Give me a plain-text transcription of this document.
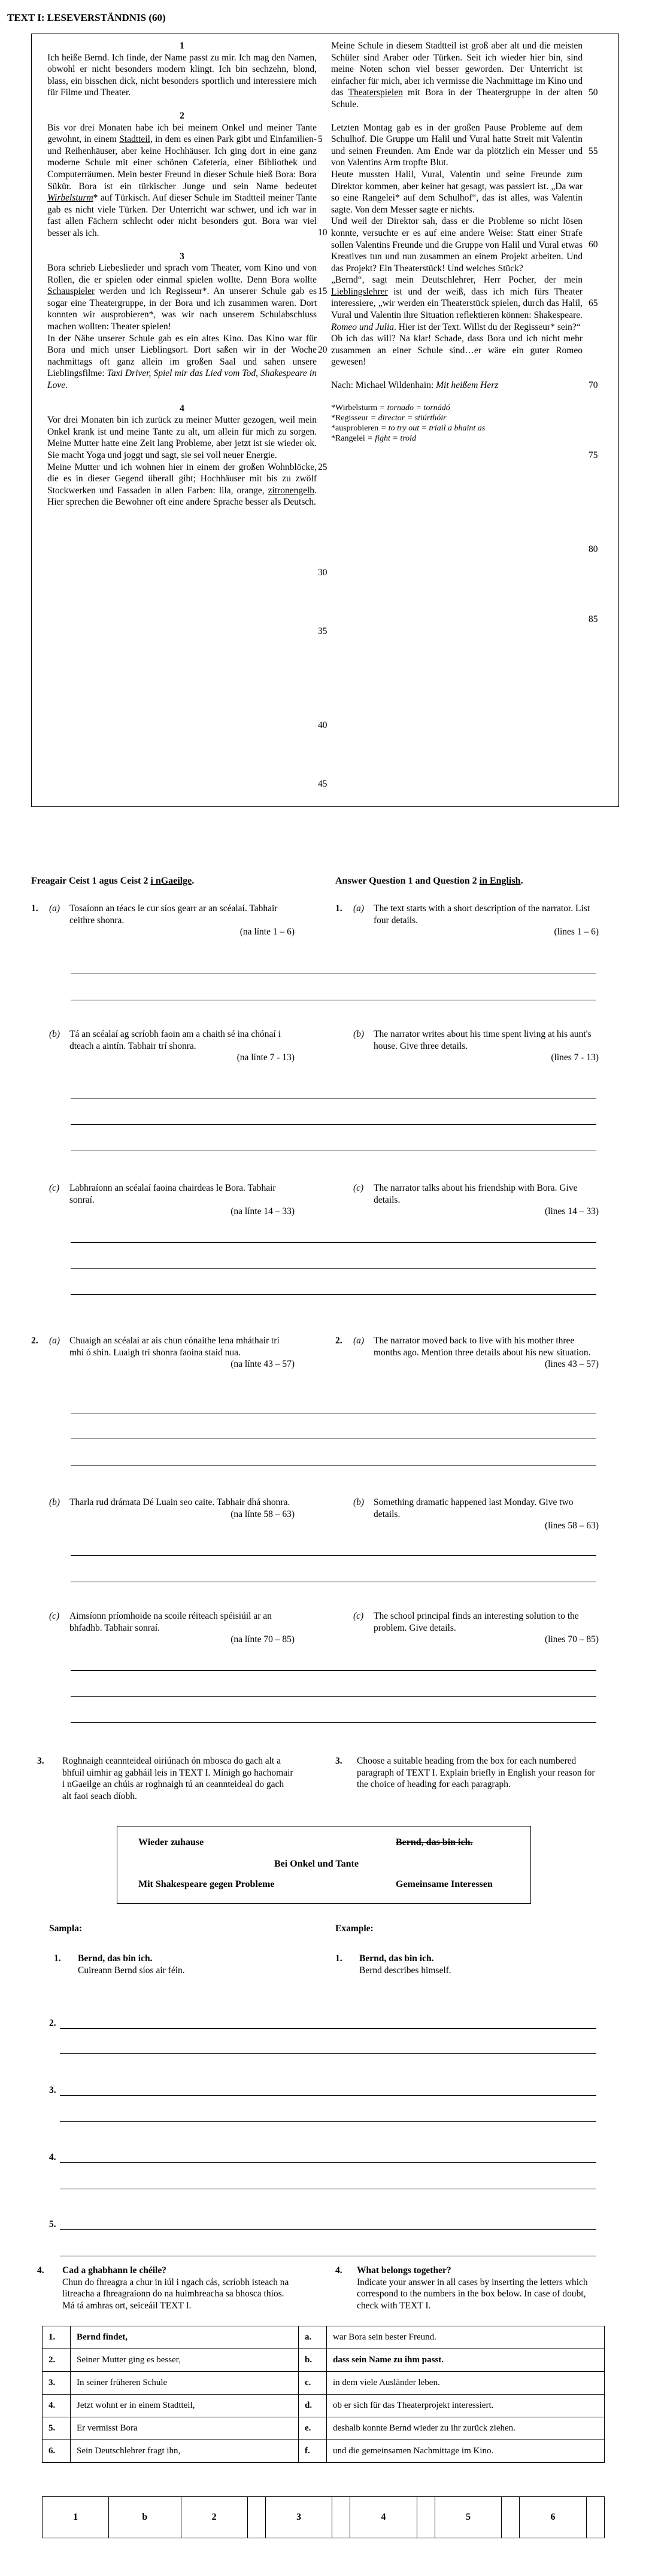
TEXT I: LESEVERSTÄNDNIS (60)
1

Ich heiße Bernd. Ich finde, der Name passt zu mir. Ich mag den Namen, obwohl er nicht besonders modern klingt. Ich bin sechzehn, blond, blass, ein bisschen dick, nicht besonders sportlich und interessiere mich für Filme und Theater.

2

Bis vor drei Monaten habe ich bei meinem Onkel und meiner Tante gewohnt, in einem Stadtteil, in dem es einen Park gibt und Einfamilien- und Reihenhäuser, aber keine Hochhäuser. Ich ging dort in eine ganz moderne Schule mit einer schönen Cafeteria, einer Bibliothek und Computerräumen. Mein bester Freund in dieser Schule hieß Bora: Bora Sükür. Bora ist ein türkischer Junge und sein Name bedeutet Wirbelsturm* auf Türkisch. Auf dieser Schule im Stadtteil meiner Tante gab es nicht viele Türken. Der Unterricht war schwer, und ich war in fast allen Fächern schlecht oder nicht besonders gut. Bora war viel besser als ich.

3

Bora schrieb Liebeslieder und sprach vom Theater, vom Kino und von Rollen, die er spielen oder einmal spielen wollte. Denn Bora wollte Schauspieler werden und ich Regisseur*. An unserer Schule gab es sogar eine Theatergruppe, in der Bora und ich zusammen waren. Dort konnten wir ausprobieren*, was wir nach unserem Schulabschluss machen wollten: Theater spielen!

In der Nähe unserer Schule gab es ein altes Kino. Das Kino war für Bora und mich unser Lieblingsort. Dort saßen wir in der Woche nachmittags oft ganz allein im großen Saal und sahen unsere Lieblingsfilme: Taxi Driver, Spiel mir das Lied vom Tod, Shakespeare in Love.

4

Vor drei Monaten bin ich zurück zu meiner Mutter gezogen, weil mein Onkel krank ist und meine Tante zu alt, um allein für mich zu sorgen. Meine Mutter hatte eine Zeit lang Probleme, aber jetzt ist sie wieder ok. Sie macht Yoga und joggt und sagt, sie sei voll neuer Energie.

Meine Mutter und ich wohnen hier in einem der großen Wohnblöcke, die es in dieser Gegend überall gibt; Hochhäuser mit bis zu zwölf Stockwerken und Fassaden in allen Farben: lila, orange, zitronengelb. Hier sprechen die Bewohner oft eine andere Sprache besser als Deutsch.

5
10
15
20
25
30
35
40
45

Meine Schule in diesem Stadtteil ist groß aber alt und die meisten Schüler sind Araber oder Türken. Seit ich wieder hier bin, sind meine Noten schon viel besser geworden. Der Unterricht ist einfacher für mich, aber ich vermisse die Nachmittage im Kino und das Theaterspielen mit Bora in der Theatergruppe in der alten Schule.

Letzten Montag gab es in der großen Pause Probleme auf dem Schulhof. Die Gruppe um Halil und Vural hatte Streit mit Valentin und seinen Freunden. Am Ende war da plötzlich ein Messer und von Valentins Arm tropfte Blut.

Heute mussten Halil, Vural, Valentin und seine Freunde zum Direktor kommen, aber keiner hat gesagt, was passiert ist. „Da war so eine Rangelei* auf dem Schulhof“, das ist alles, was Valentin sagte. Von dem Messer sagte er nichts.

Und weil der Direktor sah, dass er die Probleme so nicht lösen konnte, versuchte er es auf eine andere Weise: Statt einer Strafe sollen Valentins Freunde und die Gruppe von Halil und Vural etwas Kreatives tun und nun zusammen an einem Projekt arbeiten. Und das Projekt? Ein Theaterstück! Und welches Stück?

„Bernd“, sagt mein Deutschlehrer, Herr Pocher, der mein Lieblingslehrer ist und der weiß, dass ich mich fürs Theater interessiere, „wir werden ein Theaterstück spielen, durch das Halil, Vural und Valentin ihre Situation reflektieren können: Shakespeare. Romeo und Julia. Hier ist der Text. Willst du der Regisseur* sein?“

Ob ich das will? Na klar! Schade, dass Bora und ich nicht mehr zusammen an einer Schule sind…er wäre ein guter Romeo gewesen!

Nach: Michael Wildenhain: Mit heißem Herz

*Wirbelsturm = tornado = tornádó
*Regisseur = director = stiúrthóir
*ausprobieren = to try out = triail a bhaint as
*Rangelei = fight = troid
50
55
60
65
70
75
80
85
Freagair Ceist 1 agus Ceist 2 i nGaeilge.	Answer Question 1 and Question 2 in English.
1. (a) Tosaíonn an téacs le cur síos gearr ar an scéalaí. Tabhair ceithre shonra.
(na línte 1 – 6)
1. (a) The text starts with a short description of the narrator. List four details.
(lines 1 – 6)
(b) Tá an scéalaí ag scríobh faoin am a chaith sé ina chónaí i dteach a aintín. Tabhair trí shonra.
(na línte 7 - 13)
(b) The narrator writes about his time spent living at his aunt's house. Give three details.
(lines 7 - 13)
(c) Labhraíonn an scéalaí faoina chairdeas le Bora. Tabhair sonraí.
(na línte 14 – 33)
(c) The narrator talks about his friendship with Bora. Give details.
(lines 14 – 33)
2. (a) Chuaigh an scéalaí ar ais chun cónaithe lena mháthair trí mhí ó shin. Luaigh trí shonra faoina staid nua.
(na línte 43 – 57)
2. (a) The narrator moved back to live with his mother three months ago. Mention three details about his new situation.
(lines 43 – 57)
(b) Tharla rud drámata Dé Luain seo caite. Tabhair dhá shonra.
(na línte 58 – 63)
(b) Something dramatic happened last Monday. Give two details.
(lines 58 – 63)
(c) Aimsíonn príomhoide na scoile réiteach spéisiúil ar an bhfadhb. Tabhair sonraí.
(na línte 70 – 85)
(c) The school principal finds an interesting solution to the problem. Give details.
(lines 70 – 85)
3. Roghnaigh ceannteideal oiriúnach ón mbosca do gach alt a bhfuil uimhir ag gabháil leis in TEXT I. Mínigh go hachomair i nGaeilge an chúis ar roghnaigh tú an ceannteideal do gach alt faoi seach díobh.
3. Choose a suitable heading from the box for each numbered paragraph of TEXT I. Explain briefly in English your reason for the choice of heading for each paragraph.
Wieder zuhause	Bernd, das bin ich.
Bei Onkel und Tante
Mit Shakespeare gegen Probleme	Gemeinsame Interessen
Sampla:	Example:
1. Bernd, das bin ich.
Cuireann Bernd síos air féin.
1. Bernd, das bin ich.
Bernd describes himself.
2.
3.
4.
5.
4. Cad a ghabhann le chéile?
Chun do fhreagra a chur in iúl i ngach cás, scríobh isteach na litreacha a fhreagraíonn do na huimhreacha sa bhosca thíos. Má tá amhras ort, seiceáil TEXT I.
4. What belongs together?
Indicate your answer in all cases by inserting the letters which correspond to the numbers in the box below. In case of doubt, check with TEXT I.
1.	Bernd findet,	a.	war Bora sein bester Freund.
2.	Seiner Mutter ging es besser,	b.	dass sein Name zu ihm passt.
3.	In seiner früheren Schule	c.	in dem viele Ausländer leben.
4.	Jetzt wohnt er in einem Stadtteil,	d.	ob er sich für das Theaterprojekt interessiert.
5.	Er vermisst Bora	e.	deshalb konnte Bernd wieder zu ihr zurück ziehen.
6.	Sein Deutschlehrer fragt ihn,	f.	und die gemeinsamen Nachmittage im Kino.
1	b	2		3		4		5		6	
